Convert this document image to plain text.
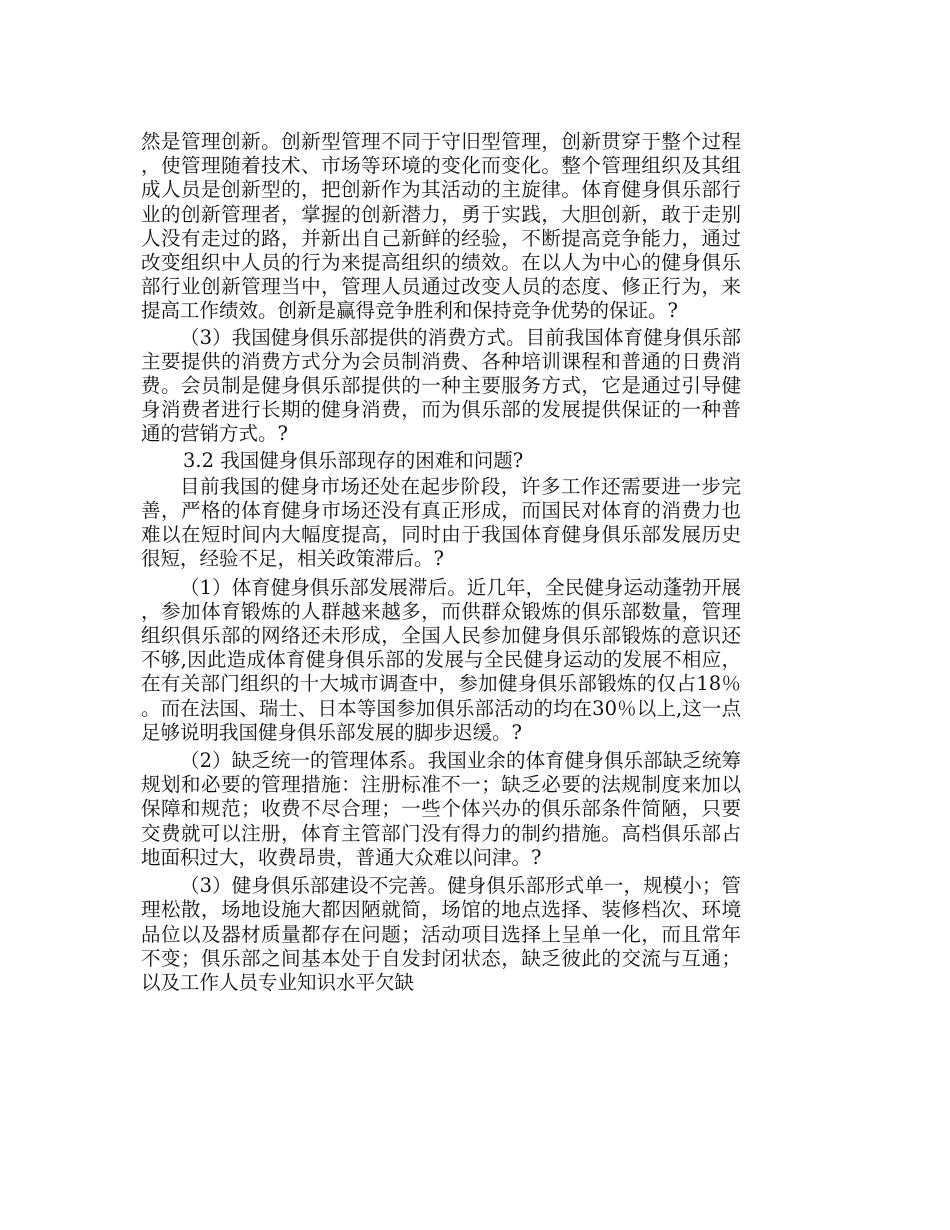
然是管理创新。创新型管理不同于守旧型管理，创新贯穿于整个过程，使管理随着技术、市场等环境的变化而变化。整个管理组织及其组成人员是创新型的，把创新作为其活动的主旋律。体育健身俱乐部行业的创新管理者，掌握的创新潜力，勇于实践，大胆创新，敢于走别人没有走过的路，并新出自己新鲜的经验，不断提高竞争能力，通过改变组织中人员的行为来提高组织的绩效。在以人为中心的健身俱乐部行业创新管理当中，管理人员通过改变人员的态度、修正行为，来提高工作绩效。创新是赢得竞争胜利和保持竞争优势的保证。?

（3）我国健身俱乐部提供的消费方式。目前我国体育健身俱乐部主要提供的消费方式分为会员制消费、各种培训课程和普通的日费消费。会员制是健身俱乐部提供的一种主要服务方式，它是通过引导健身消费者进行长期的健身消费，而为俱乐部的发展提供保证的一种普通的营销方式。?

3.2 我国健身俱乐部现存的困难和问题?

目前我国的健身市场还处在起步阶段，许多工作还需要进一步完善，严格的体育健身市场还没有真正形成，而国民对体育的消费力也难以在短时间内大幅度提高，同时由于我国体育健身俱乐部发展历史很短，经验不足，相关政策滞后。?

（1）体育健身俱乐部发展滞后。近几年，全民健身运动蓬勃开展，参加体育锻炼的人群越来越多，而供群众锻炼的俱乐部数量，管理组织俱乐部的网络还未形成，全国人民参加健身俱乐部锻炼的意识还不够,因此造成体育健身俱乐部的发展与全民健身运动的发展不相应，在有关部门组织的十大城市调查中，参加健身俱乐部锻炼的仅占18％。而在法国、瑞士、日本等国参加俱乐部活动的均在30％以上,这一点足够说明我国健身俱乐部发展的脚步迟缓。?

（2）缺乏统一的管理体系。我国业余的体育健身俱乐部缺乏统筹规划和必要的管理措施：注册标准不一；缺乏必要的法规制度来加以保障和规范；收费不尽合理；一些个体兴办的俱乐部条件简陋，只要交费就可以注册，体育主管部门没有得力的制约措施。高档俱乐部占地面积过大，收费昂贵，普通大众难以问津。?

（3）健身俱乐部建设不完善。健身俱乐部形式单一，规模小；管理松散，场地设施大都因陋就简，场馆的地点选择、装修档次、环境品位以及器材质量都存在问题；活动项目选择上呈单一化，而且常年不变；俱乐部之间基本处于自发封闭状态，缺乏彼此的交流与互通；以及工作人员专业知识水平欠缺
